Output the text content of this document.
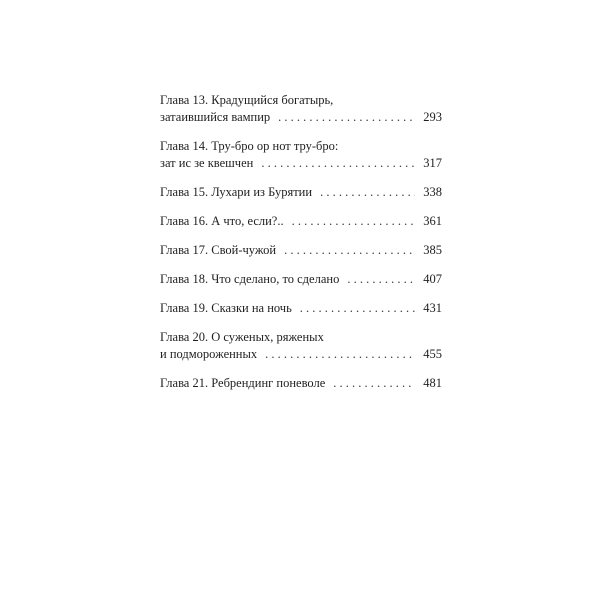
Глава 13. Крадущийся богатырь,
затаившийся вампир . . .	293
Глава 14. Тру-бро ор нот тру-бро:
зат ис зе квешчен . . .	317
Глава 15. Лухари из Бурятии . . .	338
Глава 16. А что, если?.. . . .	361
Глава 17. Свой-чужой . . .	385
Глава 18. Что сделано, то сделано . . .	407
Глава 19. Сказки на ночь . . .	431
Глава 20. О суженых, ряженых
и подмороженных . . .	455
Глава 21. Ребрендинг поневоле . . .	481
